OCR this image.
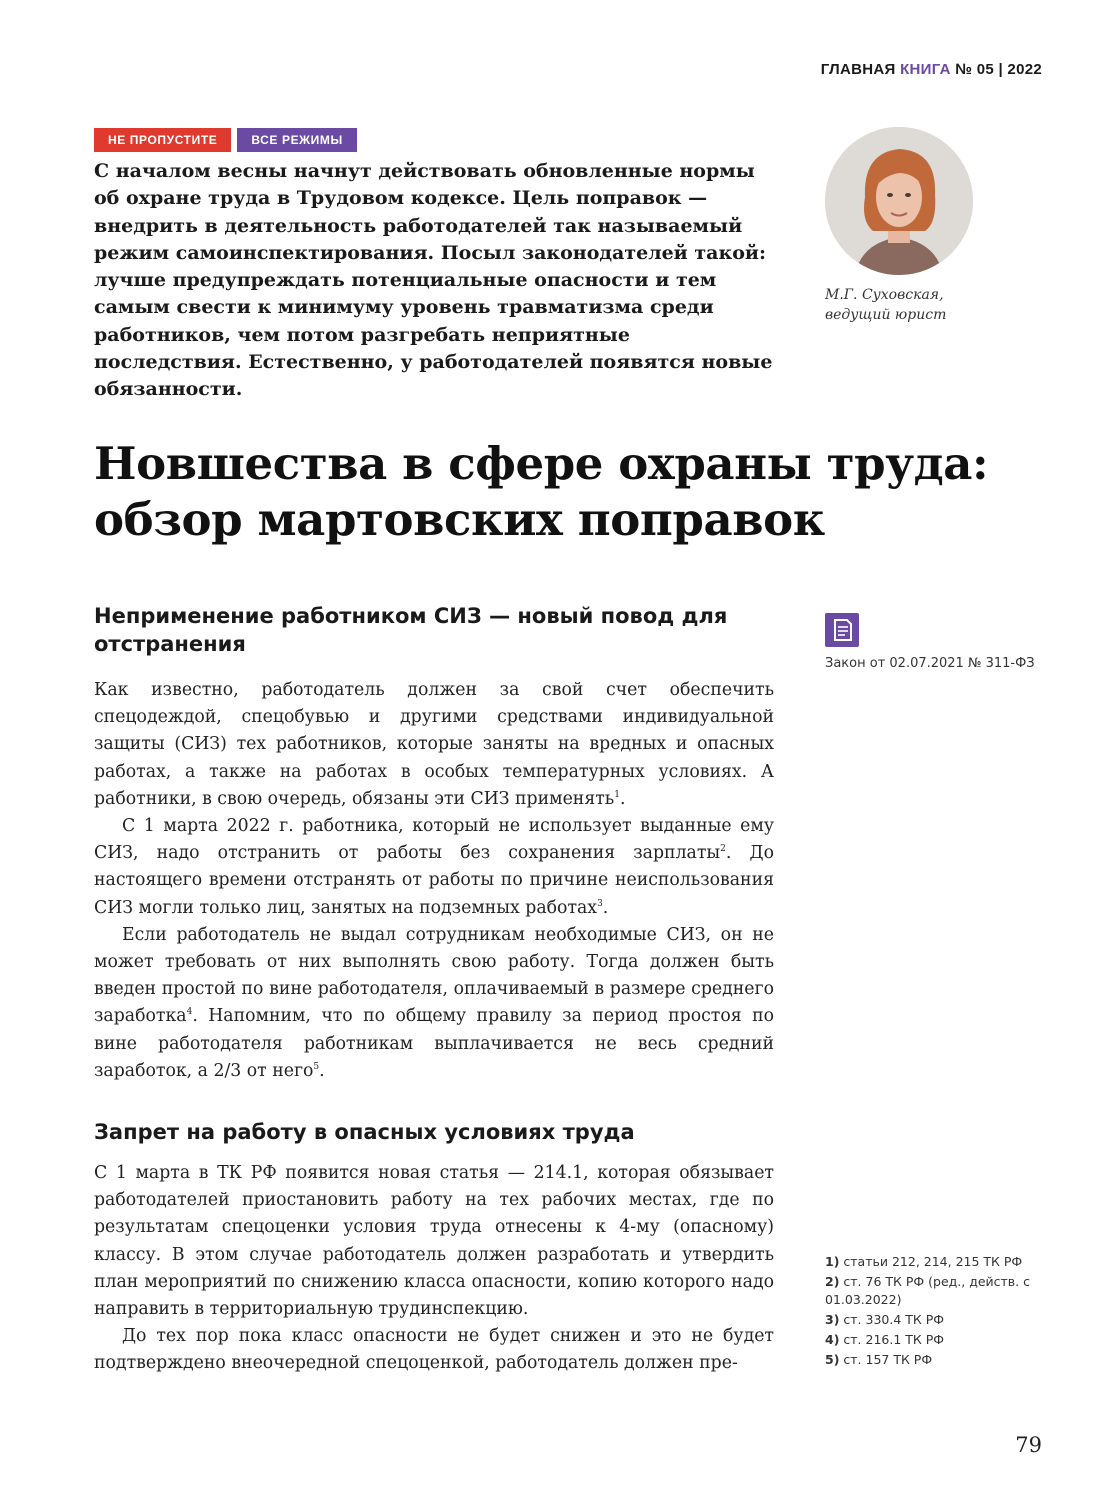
ГЛАВНАЯ КНИГА № 05 | 2022
НЕ ПРОПУСТИТЕ	ВСЕ РЕЖИМЫ
С началом весны начнут действовать обновленные нормы об охране труда в Трудовом кодексе. Цель поправок — внедрить в деятельность работодателей так называемый режим самоинспектирования. Посыл законодателей такой: лучше предупреждать потенциальные опасности и тем самым свести к минимуму уровень травматизма среди работников, чем потом разгребать неприятные последствия. Естественно, у работодателей появятся новые обязанности.
М.Г. Суховская,
ведущий юрист
Новшества в сфере охраны труда:
обзор мартовских поправок
Неприменение работником СИЗ — новый повод для отстранения
Закон от 02.07.2021 № 311-ФЗ

Как известно, работодатель должен за свой счет обеспечить спецодеждой, спецобувью и другими средствами индивидуальной защиты (СИЗ) тех работников, которые заняты на вредных и опасных работах, а также на работах в особых температурных условиях. А работники, в свою очередь, обязаны эти СИЗ применять$^1$.

С 1 марта 2022 г. работника, который не использует выданные ему СИЗ, надо отстранить от работы без сохранения зарплаты$^2$. До настоящего времени отстранять от работы по причине неиспользования СИЗ могли только лиц, занятых на подземных работах$^3$.

Если работодатель не выдал сотрудникам необходимые СИЗ, он не может требовать от них выполнять свою работу. Тогда должен быть введен простой по вине работодателя, оплачиваемый в размере среднего заработка$^4$. Напомним, что по общему правилу за период простоя по вине работодателя работникам выплачивается не весь средний заработок, а 2/3 от него$^5$.

Запрет на работу в опасных условиях труда

С 1 марта в ТК РФ появится новая статья — 214.1, которая обязывает работодателей приостановить работу на тех рабочих местах, где по результатам спецоценки условия труда отнесены к 4-му (опасному) классу. В этом случае работодатель должен разработать и утвердить план мероприятий по снижению класса опасности, копию которого надо направить в территориальную трудинспекцию.

До тех пор пока класс опасности не будет снижен и это не будет подтверждено внеочередной спецоценкой, работодатель должен пре-

1) статьи 212, 214, 215 ТК РФ
2) ст. 76 ТК РФ (ред., действ. с 01.03.2022)
3) ст. 330.4 ТК РФ
4) ст. 216.1 ТК РФ
5) ст. 157 ТК РФ
79
